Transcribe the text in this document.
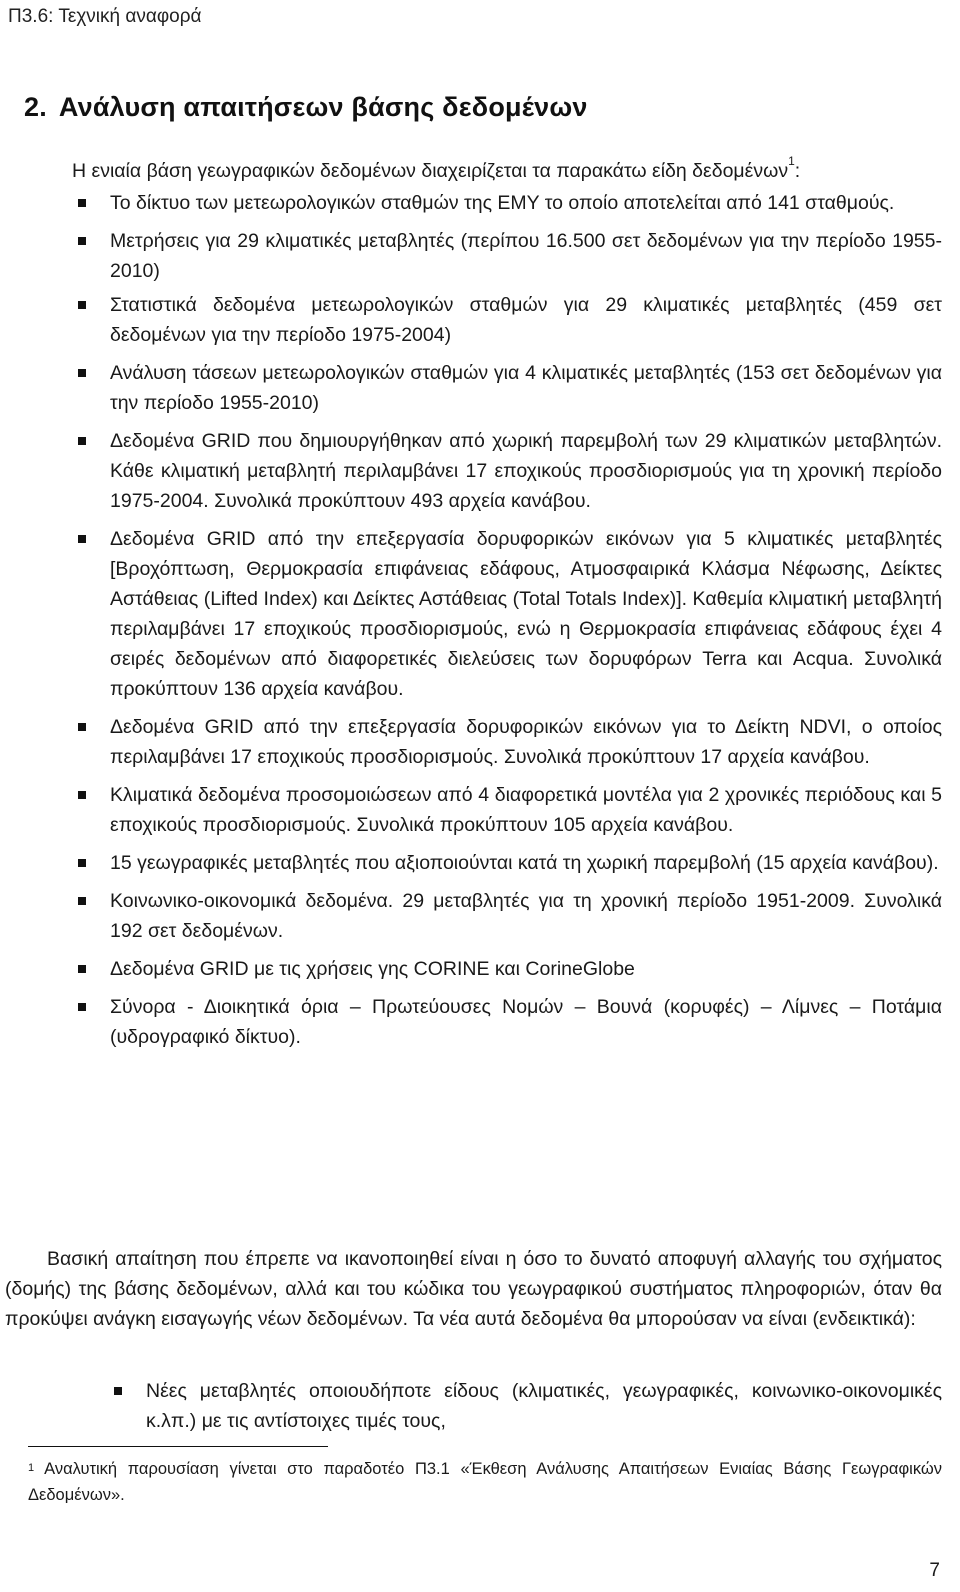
Π3.6: Τεχνική αναφορά
2. Ανάλυση απαιτήσεων βάσης δεδομένων

Η ενιαία βάση γεωγραφικών δεδομένων διαχειρίζεται τα παρακάτω είδη δεδομένων$^1$:

Το δίκτυο των μετεωρολογικών σταθμών της ΕΜΥ το οποίο αποτελείται από 141 σταθμούς.
Μετρήσεις για 29 κλιματικές μεταβλητές (περίπου 16.500 σετ δεδομένων για την περίοδο 1955-2010)
Στατιστικά δεδομένα μετεωρολογικών σταθμών για 29 κλιματικές μεταβλητές (459 σετ δεδομένων για την περίοδο 1975-2004)
Ανάλυση τάσεων μετεωρολογικών σταθμών για 4 κλιματικές μεταβλητές (153 σετ δεδομένων για την περίοδο 1955-2010)
Δεδομένα GRID που δημιουργήθηκαν από χωρική παρεμβολή των 29 κλιματικών μεταβλητών. Κάθε κλιματική μεταβλητή περιλαμβάνει 17 εποχικούς προσδιορισμούς για τη χρονική περίοδο 1975-2004. Συνολικά προκύπτουν 493 αρχεία κανάβου.
Δεδομένα GRID από την επεξεργασία δορυφορικών εικόνων για 5 κλιματικές μεταβλητές [Βροχόπτωση, Θερμοκρασία επιφάνειας εδάφους, Ατμοσφαιρικά Κλάσμα Νέφωσης, Δείκτες Αστάθειας (Lifted Index) και Δείκτες Αστάθειας (Total Totals Index)]. Καθεμία κλιματική μεταβλητή περιλαμβάνει 17 εποχικούς προσδιορισμούς, ενώ η Θερμοκρασία επιφάνειας εδάφους έχει 4 σειρές δεδομένων από διαφορετικές διελεύσεις των δορυφόρων Terra και Acqua. Συνολικά προκύπτουν 136 αρχεία κανάβου.
Δεδομένα GRID από την επεξεργασία δορυφορικών εικόνων για το Δείκτη NDVI, ο οποίος περιλαμβάνει 17 εποχικούς προσδιορισμούς. Συνολικά προκύπτουν 17 αρχεία κανάβου.
Κλιματικά δεδομένα προσομοιώσεων από 4 διαφορετικά μοντέλα για 2 χρονικές περιόδους και 5 εποχικούς προσδιορισμούς. Συνολικά προκύπτουν 105 αρχεία κανάβου.
15 γεωγραφικές μεταβλητές που αξιοποιούνται κατά τη χωρική παρεμβολή (15 αρχεία κανάβου).
Κοινωνικο-οικονομικά δεδομένα. 29 μεταβλητές για τη χρονική περίοδο 1951-2009. Συνολικά 192 σετ δεδομένων.
Δεδομένα GRID με τις χρήσεις γης CORINE και CorineGlobe
Σύνορα - Διοικητικά όρια – Πρωτεύουσες Νομών – Βουνά (κορυφές) – Λίμνες – Ποτάμια (υδρογραφικό δίκτυο).

Βασική απαίτηση που έπρεπε να ικανοποιηθεί είναι η όσο το δυνατό αποφυγή αλλαγής του σχήματος (δομής) της βάσης δεδομένων, αλλά και του κώδικα του γεωγραφικού συστήματος πληροφοριών, όταν θα προκύψει ανάγκη εισαγωγής νέων δεδομένων. Τα νέα αυτά δεδομένα θα μπορούσαν να είναι (ενδεικτικά):

Νέες μεταβλητές οποιουδήποτε είδους (κλιματικές, γεωγραφικές, κοινωνικο-οικονομικές κ.λπ.) με τις αντίστοιχες τιμές τους,

$^1$ Αναλυτική παρουσίαση γίνεται στο παραδοτέο Π3.1 «Έκθεση Ανάλυσης Απαιτήσεων Ενιαίας Βάσης Γεωγραφικών Δεδομένων».

7
